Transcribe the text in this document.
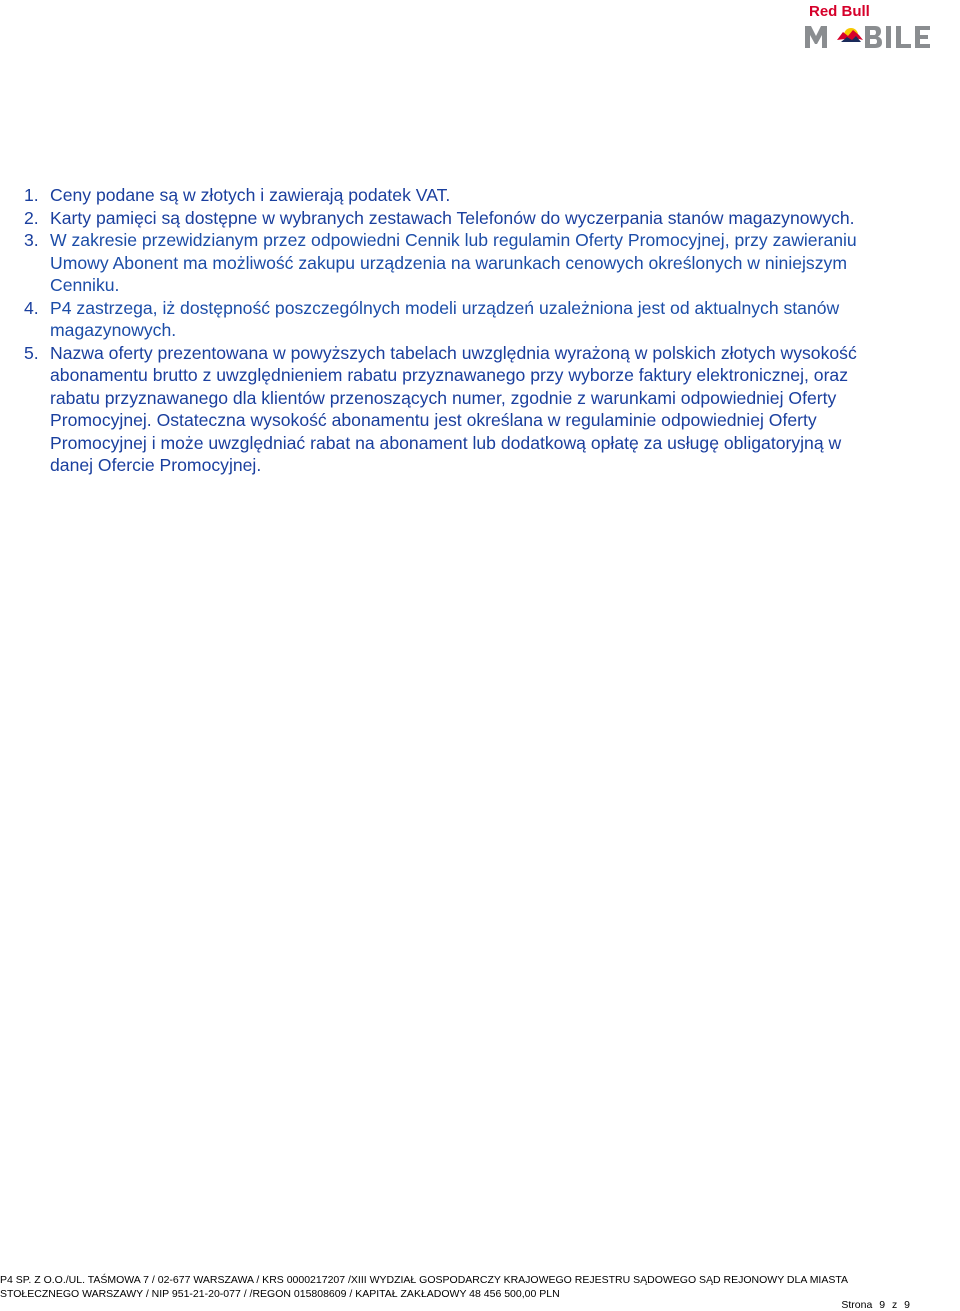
Red Bull
1. Ceny podane są w złotych i zawierają podatek VAT.
2. Karty pamięci są dostępne w wybranych zestawach Telefonów do wyczerpania stanów magazynowych.
3. W zakresie przewidzianym przez odpowiedni Cennik lub regulamin Oferty Promocyjnej, przy zawieraniu Umowy Abonent ma możliwość zakupu urządzenia na warunkach cenowych określonych w niniejszym Cenniku.
4. P4 zastrzega, iż dostępność poszczególnych modeli urządzeń uzależniona jest od aktualnych stanów magazynowych.
5. Nazwa oferty prezentowana w powyższych tabelach uwzględnia wyrażoną w polskich złotych wysokość abonamentu brutto z uwzględnieniem rabatu przyznawanego przy wyborze faktury elektronicznej, oraz rabatu przyznawanego dla klientów przenoszących numer, zgodnie z warunkami odpowiedniej Oferty Promocyjnej. Ostateczna wysokość abonamentu jest określana w regulaminie odpowiedniej Oferty Promocyjnej i może uwzględniać rabat na abonament lub dodatkową opłatę za usługę obligatoryjną w danej Ofercie Promocyjnej.
P4 SP. Z O.O./UL. TAŚMOWA 7 / 02-677 WARSZAWA / KRS 0000217207 /XIII WYDZIAŁ GOSPODARCZY KRAJOWEGO REJESTRU SĄDOWEGO SĄD REJONOWY DLA MIASTA
STOŁECZNEGO WARSZAWY / NIP 951-21-20-077 / /REGON 015808609 / KAPITAŁ ZAKŁADOWY 48 456 500,00 PLN
Strona 9 z 9
